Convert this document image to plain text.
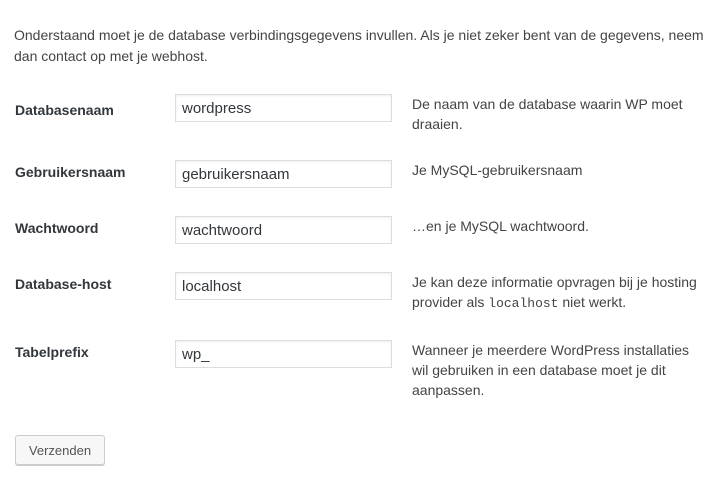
Onderstaand moet je de database verbindingsgegevens invullen. Als je niet zeker bent van de gegevens, neem dan contact op met je webhost.

Databasenaam
wordpress	De naam van de database waarin WP moet draaien.
Gebruikersnaam
gebruikersnaam	Je MySQL-gebruikersnaam
Wachtwoord
wachtwoord	…en je MySQL wachtwoord.
Database-host
localhost	Je kan deze informatie opvragen bij je hosting provider als localhost niet werkt.
Tabelprefix
wp_	Wanneer je meerdere WordPress installaties wil gebruiken in een database moet je dit aanpassen.
Verzenden
